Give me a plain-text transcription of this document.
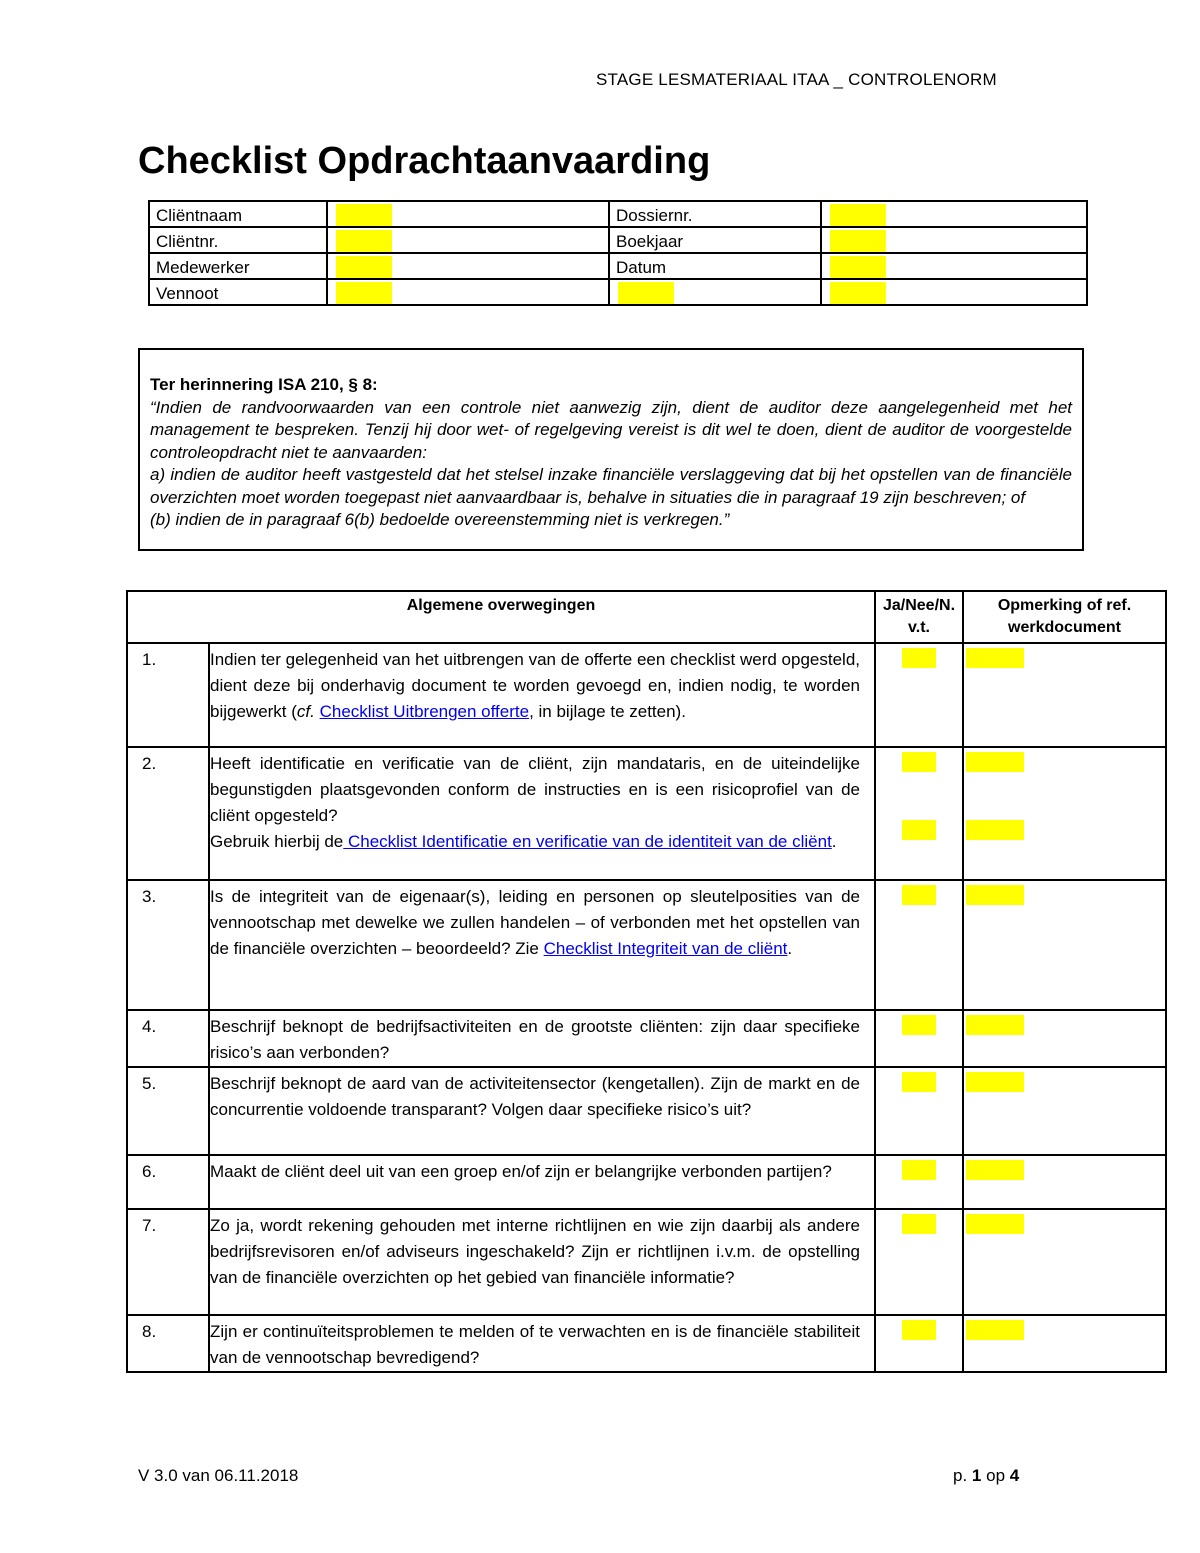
STAGE LESMATERIAAL ITAA _ CONTROLENORM
Checklist Opdrachtaanvaarding
Cliëntnaam		Dossiernr.	
Cliëntnr.		Boekjaar	
Medewerker		Datum	
Vennoot			
Ter herinnering ISA 210, § 8:
“Indien de randvoorwaarden van een controle niet aanwezig zijn, dient de auditor deze aangelegenheid met het management te bespreken. Tenzij hij door wet- of regelgeving vereist is dit wel te doen, dient de auditor de voorgestelde controleopdracht niet te aanvaarden:
a) indien de auditor heeft vastgesteld dat het stelsel inzake financiële verslaggeving dat bij het opstellen van de financiële overzichten moet worden toegepast niet aanvaardbaar is, behalve in situaties die in paragraaf 19 zijn beschreven; of
(b) indien de in paragraaf 6(b) bedoelde overeenstemming niet is verkregen.”
Algemene overwegingen		Ja/Nee/N. v.t.	Opmerking of ref. werkdocument
1.	Indien ter gelegenheid van het uitbrengen van de offerte een checklist werd opgesteld, dient deze bij onderhavig document te worden gevoegd en, indien nodig, te worden bijgewerkt (cf. Checklist Uitbrengen offerte, in bijlage te zetten).	

2.	Heeft identificatie en verificatie van de cliënt, zijn mandataris, en de uiteindelijke begunstigden plaatsgevonden conform de instructies en is een risicoprofiel van de cliënt opgesteld?
Gebruik hierbij de Checklist Identificatie en verificatie van de identiteit van de cliënt.	

3.	Is de integriteit van de eigenaar(s), leiding en personen op sleutelposities van de vennootschap met dewelke we zullen handelen – of verbonden met het opstellen van de financiële overzichten – beoordeeld? Zie Checklist Integriteit van de cliënt.	

4.	Beschrijf beknopt de bedrijfsactiviteiten en de grootste cliënten: zijn daar specifieke risico’s aan verbonden?	

5.	Beschrijf beknopt de aard van de activiteitensector (kengetallen). Zijn de markt en de concurrentie voldoende transparant? Volgen daar specifieke risico’s uit?	

6.	Maakt de cliënt deel uit van een groep en/of zijn er belangrijke verbonden partijen?	

7.	Zo ja, wordt rekening gehouden met interne richtlijnen en wie zijn daarbij als andere bedrijfsrevisoren en/of adviseurs ingeschakeld? Zijn er richtlijnen i.v.m. de opstelling van de financiële overzichten op het gebied van financiële informatie?	

8.	Zijn er continuïteitsproblemen te melden of te verwachten en is de financiële stabiliteit van de vennootschap bevredigend?	

V 3.0 van 06.11.2018	p. 1 op 4
